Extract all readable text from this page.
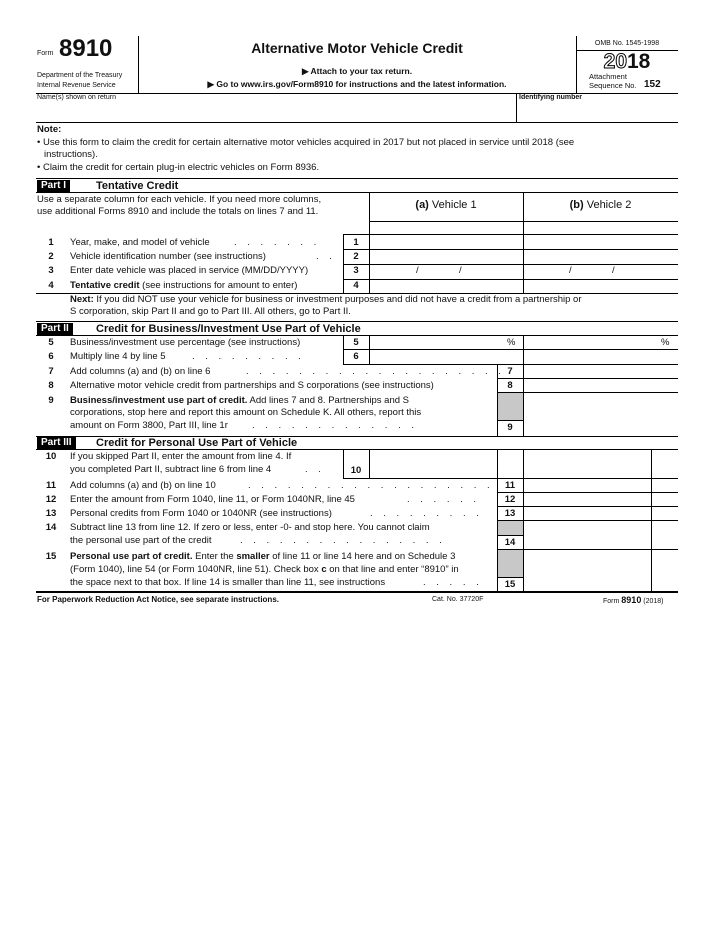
Form 8910
Department of the Treasury
Internal Revenue Service
Alternative Motor Vehicle Credit
▶ Attach to your tax return.
▶ Go to www.irs.gov/Form8910 for instructions and the latest information.
OMB No. 1545-1998
2018
Attachment
Sequence No. 152
Name(s) shown on return	Identifying number
Note:
• Use this form to claim the credit for certain alternative motor vehicles acquired in 2017 but not placed in service until 2018 (see
instructions).
• Claim the credit for certain plug-in electric vehicles on Form 8936.
Part I	Tentative Credit
Use a separate column for each vehicle. If you need more columns,
use additional Forms 8910 and include the totals on lines 7 and 11.
(a) Vehicle 1	(b) Vehicle 2
1	Year, make, and model of vehicle	. . . . . . .	1
2	Vehicle identification number (see instructions)	. .	2
3	Enter date vehicle was placed in service (MM/DD/YYYY)	3	/	/	/	/
4	Tentative credit (see instructions for amount to enter)	4
Next: If you did NOT use your vehicle for business or investment purposes and did not have a credit from a partnership or
S corporation, skip Part II and go to Part III. All others, go to Part II.
Part II	Credit for Business/Investment Use Part of Vehicle
5	Business/investment use percentage (see instructions)	5	%	%
6	Multiply line 4 by line 5	. . . . . . . . .	6
7	Add columns (a) and (b) on line 6	. . . . . . . . . . . . . . . . . . . . 7
8	Alternative motor vehicle credit from partnerships and S corporations (see instructions)	8
9	Business/investment use part of credit. Add lines 7 and 8. Partnerships and S
corporations, stop here and report this amount on Schedule K. All others, report this
amount on Form 3800, Part III, line 1r	. . . . . . . . . . . . .	9
Part III	Credit for Personal Use Part of Vehicle
10	If you skipped Part II, enter the amount from line 4. If
you completed Part II, subtract line 6 from line 4	. .	10
11	Add columns (a) and (b) on line 10	. . . . . . . . . . . . . . . . . . .	11
12	Enter the amount from Form 1040, line 11, or Form 1040NR, line 45	. . . . . .	12
13	Personal credits from Form 1040 or 1040NR (see instructions)	. . . . . . . . .	13
14	Subtract line 13 from line 12. If zero or less, enter -0- and stop here. You cannot claim
the personal use part of the credit	. . . . . . . . . . . . . . . .	14
15	Personal use part of credit. Enter the smaller of line 11 or line 14 here and on Schedule 3
(Form 1040), line 54 (or Form 1040NR, line 51). Check box c on that line and enter “8910” in
the space next to that box. If line 14 is smaller than line 11, see instructions	. . . . .	15
For Paperwork Reduction Act Notice, see separate instructions.	Cat. No. 37720F	Form 8910 (2018)
